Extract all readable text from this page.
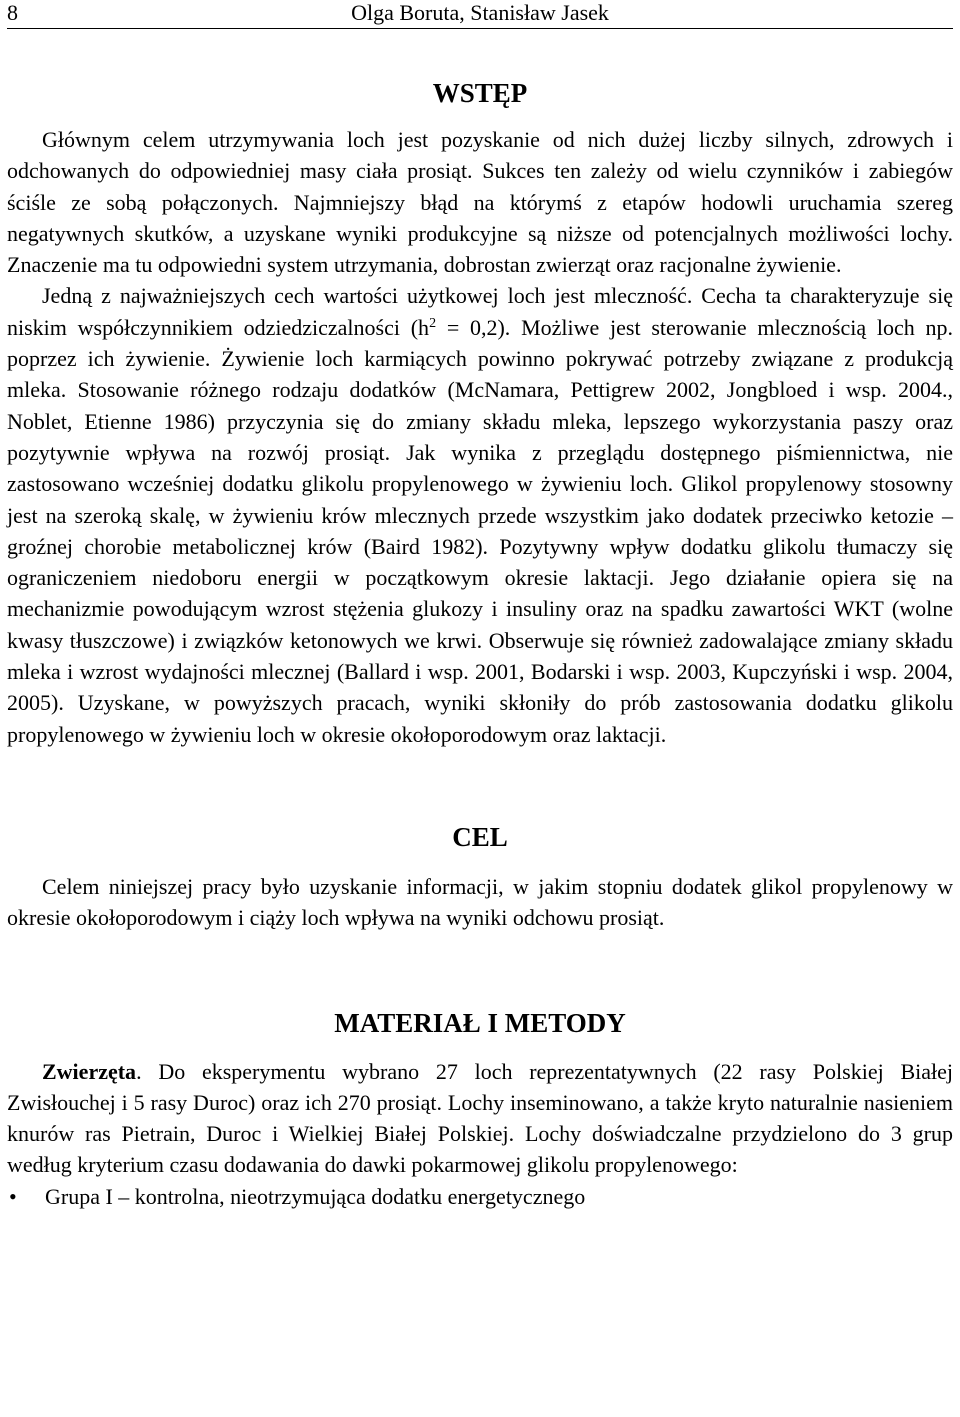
8	Olga Boruta, Stanisław Jasek
WSTĘP

Głównym celem utrzymywania loch jest pozyskanie od nich dużej liczby silnych, zdrowych i odchowanych do odpowiedniej masy ciała prosiąt. Sukces ten zależy od wielu czynników i zabiegów ściśle ze sobą połączonych. Najmniejszy błąd na którymś z etapów hodowli uruchamia szereg negatywnych skutków, a uzyskane wyniki produkcyjne są niższe od potencjalnych możliwości lochy. Znaczenie ma tu odpowiedni system utrzymania, dobrostan zwierząt oraz racjonalne żywienie.

Jedną z najważniejszych cech wartości użytkowej loch jest mleczność. Cecha ta charakteryzuje się niskim współczynnikiem odziedziczalności $(h^2 = 0,2)$. Możliwe jest sterowanie mlecznością loch np. poprzez ich żywienie. Żywienie loch karmiących powinno pokrywać potrzeby związane z produkcją mleka. Stosowanie różnego rodzaju dodatków (McNamara, Pettigrew 2002, Jongbloed i wsp. 2004., Noblet, Etienne 1986) przyczynia się do zmiany składu mleka, lepszego wykorzystania paszy oraz pozytywnie wpływa na rozwój prosiąt. Jak wynika z przeglądu dostępnego piśmiennictwa, nie zastosowano wcześniej dodatku glikolu propylenowego w żywieniu loch. Glikol propylenowy stosowny jest na szeroką skalę, w żywieniu krów mlecznych przede wszystkim jako dodatek przeciwko ketozie – groźnej chorobie metabolicznej krów (Baird 1982). Pozytywny wpływ dodatku glikolu tłumaczy się ograniczeniem niedoboru energii w początkowym okresie laktacji. Jego działanie opiera się na mechanizmie powodującym wzrost stężenia glukozy i insuliny oraz na spadku zawartości WKT (wolne kwasy tłuszczowe) i związków ketonowych we krwi. Obserwuje się również zadowalające zmiany składu mleka i wzrost wydajności mlecznej (Ballard i wsp. 2001, Bodarski i wsp. 2003, Kupczyński i wsp. 2004, 2005). Uzyskane, w powyższych pracach, wyniki skłoniły do prób zastosowania dodatku glikolu propylenowego w żywieniu loch w okresie okołoporodowym oraz laktacji.

CEL

Celem niniejszej pracy było uzyskanie informacji, w jakim stopniu dodatek glikol propylenowy w okresie okołoporodowym i ciąży loch wpływa na wyniki odchowu prosiąt.

MATERIAŁ I METODY

Zwierzęta. Do eksperymentu wybrano 27 loch reprezentatywnych (22 rasy Polskiej Białej Zwisłouchej i 5 rasy Duroc) oraz ich 270 prosiąt. Lochy inseminowano, a także kryto naturalnie nasieniem knurów ras Pietrain, Duroc i Wielkiej Białej Polskiej. Lochy doświadczalne przydzielono do 3 grup według kryterium czasu dodawania do dawki pokarmowej glikolu propylenowego:

• Grupa I – kontrolna, nieotrzymująca dodatku energetycznego
